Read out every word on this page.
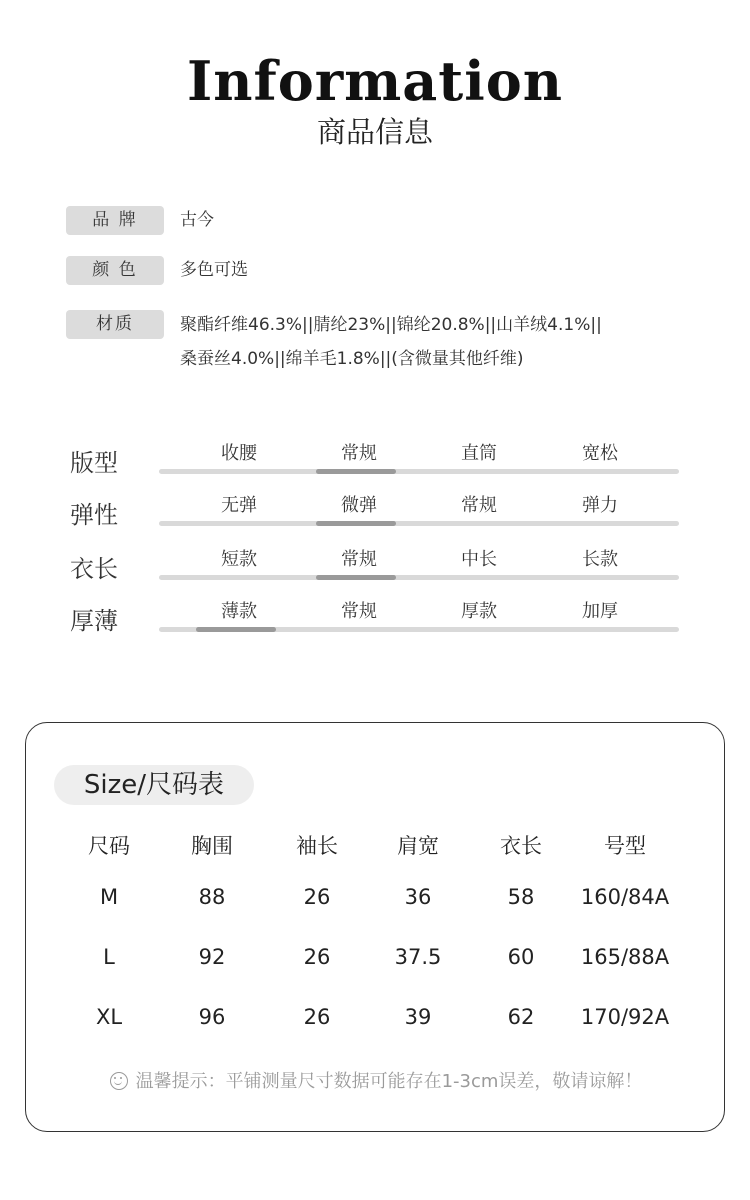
Information
商品信息
品 牌	古今
颜 色	多色可选
材质	聚酯纤维46.3%||腈纶23%||锦纶20.8%||山羊绒4.1%||
桑蚕丝4.0%||绵羊毛1.8%||(含微量其他纤维)
版型	收腰	常规	直筒	宽松
弹性	无弹	微弹	常规	弹力
衣长	短款	常规	中长	长款
厚薄	薄款	常规	厚款	加厚
Size/尺码表
尺码	胸围	袖长	肩宽	衣长	号型
M	88	26	36	58	160/84A
L	92	26	37.5	60	165/88A
XL	96	26	39	62	170/92A
温馨提示：平铺测量尺寸数据可能存在1-3cm误差，敬请谅解！
